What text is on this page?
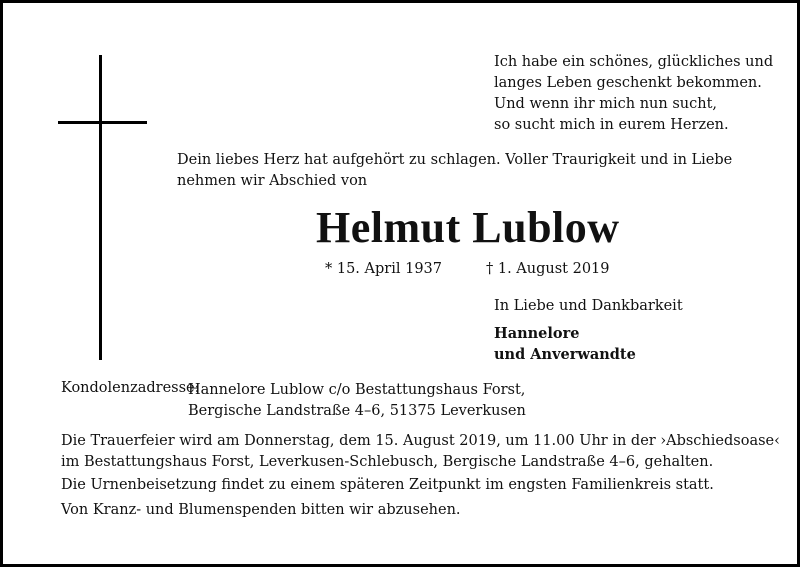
Ich habe ein schönes, glückliches und
langes Leben geschenkt bekommen.
Und wenn ihr mich nun sucht,
so sucht mich in eurem Herzen.
Dein liebes Herz hat aufgehört zu schlagen. Voller Traurigkeit und in Liebe nehmen wir Abschied von
Helmut Lublow
* 15. April 1937	† 1. August 2019
In Liebe und Dankbarkeit
Hannelore
und Anverwandte
Kondolenzadresse:
Hannelore Lublow c/o Bestattungshaus Forst,
Bergische Landstraße 4–6, 51375 Leverkusen
Die Trauerfeier wird am Donnerstag, dem 15. August 2019, um 11.00 Uhr in der ›Abschiedsoase‹ im Bestattungshaus Forst, Leverkusen-Schlebusch, Bergische Landstraße 4–6, gehalten.
Die Urnenbeisetzung findet zu einem späteren Zeitpunkt im engsten Familienkreis statt.
Von Kranz- und Blumenspenden bitten wir abzusehen.
